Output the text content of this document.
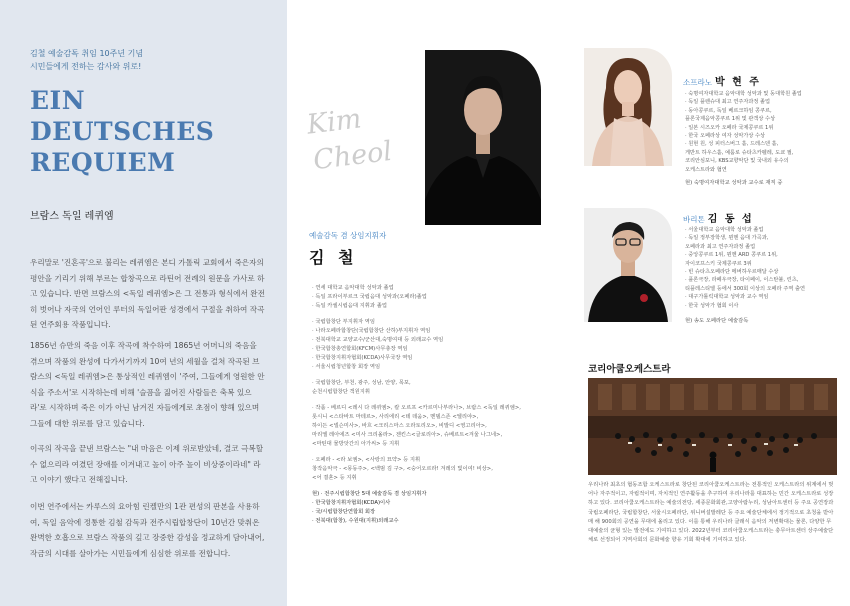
김철 예술감독 취임 10주년 기념
시민들에게 전하는 감사와 위로!
EIN
DEUTSCHES
REQUIEM
브람스 독일 레퀴엠

우리말로 '진혼곡'으로 불리는 레퀴엠은 본디 가톨릭 교회에서 죽은자의 평안을 기리기 위해 부르는 합창곡으로 라틴어 전례의 원문을 가사로 하고 있습니다. 반면 브람스의 <독일 레퀴엠>은 그 전통과 형식에서 완전히 벗어나 자국의 언어인 루터의 독일어판 성경에서 구절을 취하여 작곡된 연주회용 작품입니다.

1856년 슈만의 죽음 이후 작곡에 착수하여 1865년 어머니의 죽음을 겪으며 작품의 완성에 다가서기까지 10여 년의 세월을 걸쳐 작곡된 브람스의 <독일 레퀴엠>은 통상적인 레퀴엠이 '주여, 그들에게 영원한 안식을 주소서'로 시작하는데 비해 '슬픔을 짊어진 사람들은 축복 있으라'로 시작하며 죽은 이가 아닌 남겨진 자들에게로 초점이 향해 있으며 그들에 대한 위로를 담고 있습니다.

이곡의 작곡을 끝낸 브람스는 "내 마음은 이제 위로받았네, 결코 극복할 수 없으리라 여겼던 장애를 이겨내고 높이 아주 높이 비상중이라네" 라고 이야기 했다고 전해집니다.

이번 연주에서는 카루스의 요아힘 린켈만의 1관 편성의 판본을 사용하여, 독일 음악에 정통한 김철 감독과 전주시립합창단이 10년간 맞춰온 완벽한 호흡으로 브람스 작품의 깊고 장중한 감성을 정교하게 담아내어, 작금의 시대를 살아가는 시민들에게 심심한 위로를 전합니다.

Kim
Cheol
예술감독 겸 상임지휘자
김 철
· 연세 대학교 음악대학 성악과 졸업
· 독일 프라이부르크 국립음대 성악과(오페라)졸업
· 독일 카셀시립음대 지휘과 졸업
· 국립합창단 부지휘자 역임
· 나라오페라합창단(국립합창단 산하)부지휘자 역임
· 전북대학교 교양교수/군산대,숙명여대 등 외래교수 역임
· 한국합창총연합회(KFCM)사무총장 역임
· 한국합창지휘자협회(KCDA)사무국장 역임
· 서울시립청년합창 회장 역임
· 국립합창단, 부천, 광주, 성남, 안양, 목포,
순천시립합창단 객원지휘
· 작품 - 베르디 <레시 다 레퀴엠>, 칼 오르프 <카르미나부라나>, 브람스 <독일 레퀴엠>,
롯시니 <스타바트 마테르>, 사리에리 <테 데움>, 멘델스존 <엘리야>,
하이든 <넬슨미사>, 바흐 <크리스마스 오라토리오>, 비발디 <영고리아>,
마리엘 레아에즈 <미사 크리올라>, 젠킨스<글로리아>, 슈베르트<겨울 나그네>,
<마틴대 물방앗간의 아가씨> 등 지휘
· 오페라 - <라 보엠>, <사랑의 묘약> 등 지휘
창작음악극 - <몽동주>, <백범 김 구>, <숭어오르라! 겨레의 빛이여! 비상>,
<어 결혼> 등 지휘
현) · 전주시립합창단 5대 예술감독 겸 상임지휘자
· 한국합창지휘자협회(KCDA)이사
· 국/시립합창단연합회 회장
· 전북대(합창), 수원대(지휘)외래교수
소프라노 박 현 주
· 숙명여자대학교 음악대학 성악과 및 동대학원 졸업
· 독일 플렌슈대 최고 연주자과정 졸업
· 동아콩쿠르, 독일 베르크하임 콩쿠르,
플론국제음악콩쿠르 1위 및 관객상 수상
· 일본 시즈오카 오페라 국제콩쿠르 1위
· 한국 오페라상 여자 성악가상 수상
· 원현 원, 성 피터스버그 홀, 드레스덴 홀,
게반트 하우스홀, 예룸로 슈타츠카펠레, 도쿄 필,
코리안심포니, KBS교향악단 및 국내외 유수의
오케스트라와 협연
현) 숙명여자대학교 성악과 교수로 재직 중
바리톤 김 동 섭
· 서울대학교 음악대학 성악과 졸업
· 독일 정부장학생, 뮌헨 음대 가곡과,
오페라과 최고 연주자과정 졸업
· 중앙콩쿠르 1위, 뮌헨 ARD 콩쿠르 1위,
자이코프스키 국제콩쿠르 3위
· 빈 슈타츠오페라단 메버하우르매달 수상
· 플론극장, 라페우극장, 타이페이, 이스탄불, 린츠,
티플레스티엘 등에서 300회 이상의 오페라 주역 출연
· 대구가톨릭대학교 성악과 교수 역임
· 한국 성악가 협회 이사
현) 송도 오페라단 예술감독
코리아쿱오케스트라

우리나라 최초의 협동조합 오케스트라로 창단된 코리아쿱오케스트라는 전통적인 오케스트라의 위계에서 벗어나 자주적이고, 자립적이며, 자치적인 연주활동을 추구하여 우리나라를 대표하는 민간 오케스트라로 성장하고 있다. 코리아쿱오케스트라는 예술의전당, 세종문화회관,고양아람누리, 성남아트센터 등 주요 공연장과 국립오페라단, 국립합창단, 서울시오페라단, 위니버설발레단 등 주요 예술단체에서 정기적으로 초청을 받아 매 해 900회의 공연을 무대에 올리고 있다. 이를 통해 우리나라 클래식 음악의 저변확대는 물론, 다양한 무대예술의 균형 있는 발전에도 기여하고 있다. 2022년부터 코리아쿱오케스트라는 충무아트센터 상주예술단체로 선정되어 지역사회의 문화예술 향유 기회 확대에 기여하고 있다.
